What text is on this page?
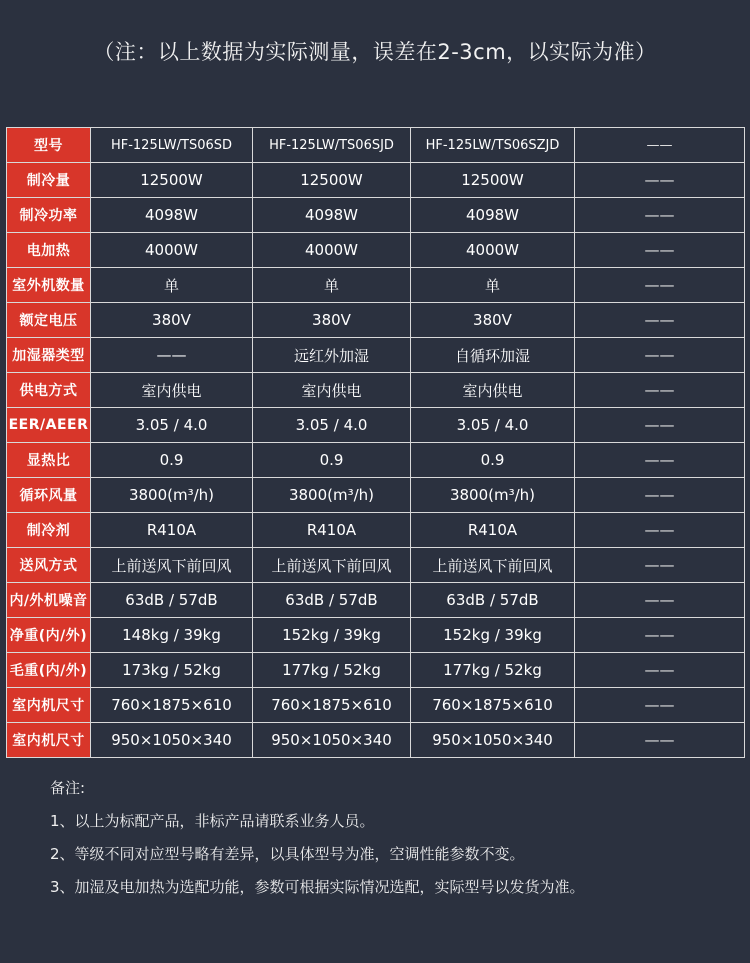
（注：以上数据为实际测量，误差在2-3cm，以实际为准）
型号	HF-125LW/TS06SD	HF-125LW/TS06SJD	HF-125LW/TS06SZJD	——
制冷量	12500W	12500W	12500W	——
制冷功率	4098W	4098W	4098W	——
电加热	4000W	4000W	4000W	——
室外机数量	单	单	单	——
额定电压	380V	380V	380V	——
加湿器类型	——	远红外加湿	自循环加湿	——
供电方式	室内供电	室内供电	室内供电	——
EER/AEER	3.05 / 4.0	3.05 / 4.0	3.05 / 4.0	——
显热比	0.9	0.9	0.9	——
循环风量	3800(m³/h)	3800(m³/h)	3800(m³/h)	——
制冷剂	R410A	R410A	R410A	——
送风方式	上前送风下前回风	上前送风下前回风	上前送风下前回风	——
内/外机噪音	63dB / 57dB	63dB / 57dB	63dB / 57dB	——
净重(内/外)	148kg / 39kg	152kg / 39kg	152kg / 39kg	——
毛重(内/外)	173kg / 52kg	177kg / 52kg	177kg / 52kg	——
室内机尺寸	760×1875×610	760×1875×610	760×1875×610	——
室内机尺寸	950×1050×340	950×1050×340	950×1050×340	——
备注:
1、以上为标配产品，非标产品请联系业务人员。
2、等级不同对应型号略有差异，以具体型号为准，空调性能参数不变。
3、加湿及电加热为选配功能，参数可根据实际情况选配，实际型号以发货为准。
